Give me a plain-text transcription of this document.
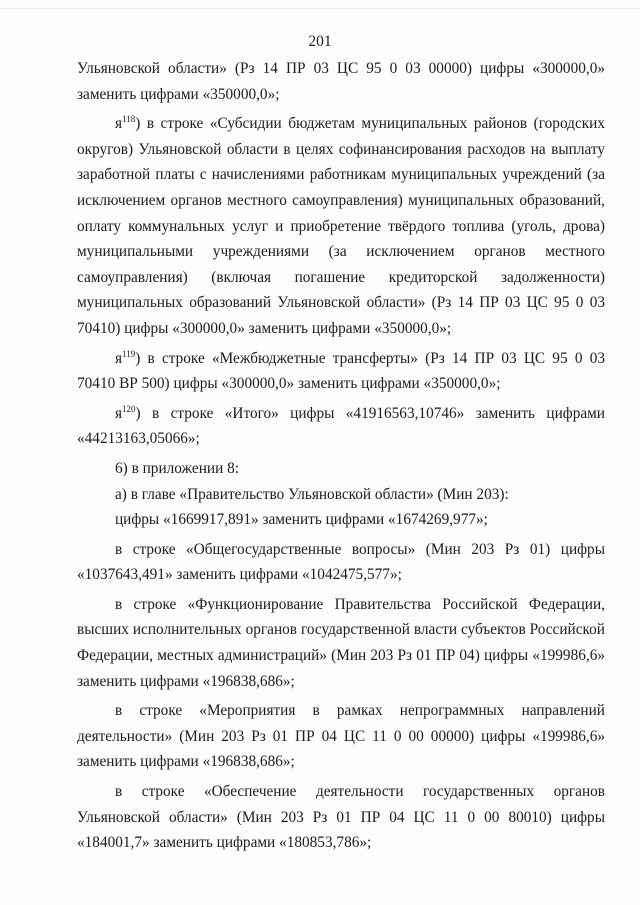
201

Ульяновской области» (Рз 14 ПР 03 ЦС 95 0 03 00000) цифры «300000,0» заменить цифрами «350000,0»;

$я^{118}$) в строке «Субсидии бюджетам муниципальных районов (городских округов) Ульяновской области в целях софинансирования расходов на выплату заработной платы с начислениями работникам муниципальных учреждений (за исключением органов местного самоуправления) муниципальных образований, оплату коммунальных услуг и приобретение твёрдого топлива (уголь, дрова) муниципальными учреждениями (за исключением органов местного самоуправления) (включая погашение кредиторской задолженности) муниципальных образований Ульяновской области» (Рз 14 ПР 03 ЦС 95 0 03 70410) цифры «300000,0» заменить цифрами «350000,0»;

$я^{119}$) в строке «Межбюджетные трансферты» (Рз 14 ПР 03 ЦС 95 0 03 70410 ВР 500) цифры «300000,0» заменить цифрами «350000,0»;

$я^{120}$) в строке «Итого» цифры «41916563,10746» заменить цифрами «44213163,05066»;

6) в приложении 8:

а) в главе «Правительство Ульяновской области» (Мин 203):

цифры «1669917,891» заменить цифрами «1674269,977»;

в строке «Общегосударственные вопросы» (Мин 203 Рз 01) цифры «1037643,491» заменить цифрами «1042475,577»;

в строке «Функционирование Правительства Российской Федерации, высших исполнительных органов государственной власти субъектов Российской Федерации, местных администраций» (Мин 203 Рз 01 ПР 04) цифры «199986,6» заменить цифрами «196838,686»;

в строке «Мероприятия в рамках непрограммных направлений деятельности» (Мин 203 Рз 01 ПР 04 ЦС 11 0 00 00000) цифры «199986,6» заменить цифрами «196838,686»;

в строке «Обеспечение деятельности государственных органов Ульяновской области» (Мин 203 Рз 01 ПР 04 ЦС 11 0 00 80010) цифры «184001,7» заменить цифрами «180853,786»;
